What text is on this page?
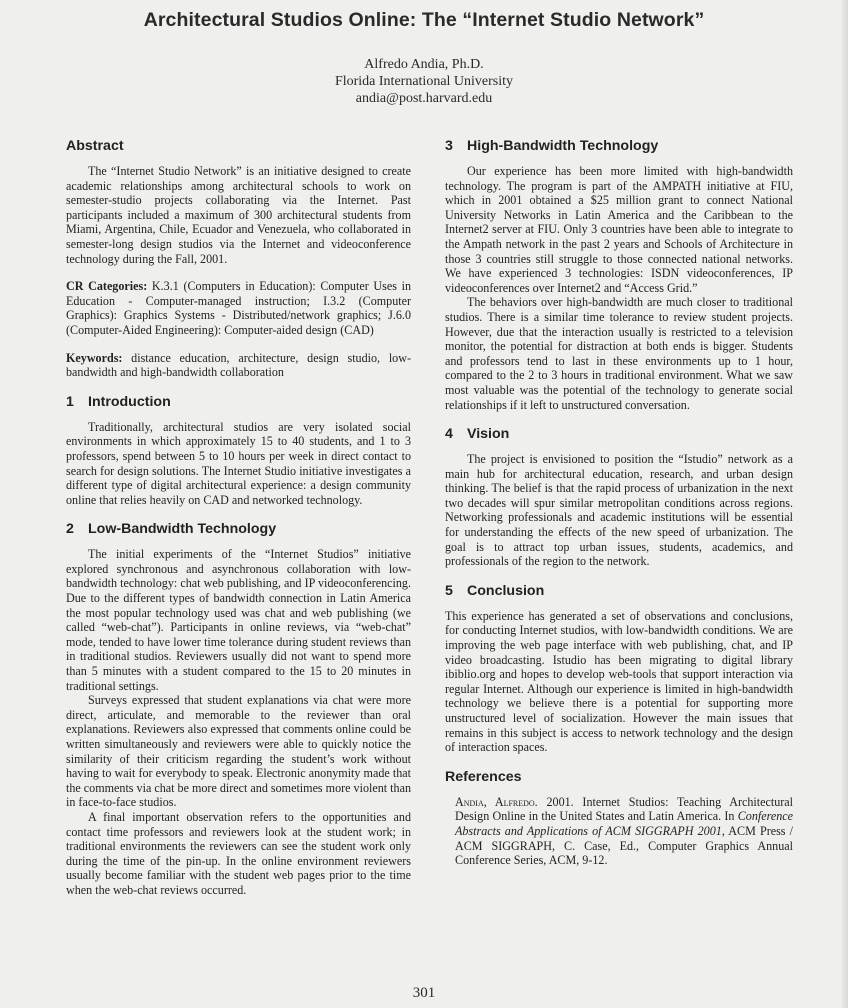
Architectural Studios Online: The “Internet Studio Network”
Alfredo Andia, Ph.D.
Florida International University
andia@post.harvard.edu
Abstract

The “Internet Studio Network” is an initiative designed to create academic relationships among architectural schools to work on semester-studio projects collaborating via the Internet. Past participants included a maximum of 300 architectural students from Miami, Argentina, Chile, Ecuador and Venezuela, who collaborated in semester-long design studios via the Internet and videoconference technology during the Fall, 2001.

CR Categories: K.3.1 (Computers in Education): Computer Uses in Education - Computer-managed instruction; I.3.2 (Computer Graphics): Graphics Systems - Distributed/network graphics; J.6.0 (Computer-Aided Engineering): Computer-aided design (CAD)

Keywords: distance education, architecture, design studio, low-bandwidth and high-bandwidth collaboration

1 Introduction

Traditionally, architectural studios are very isolated social environments in which approximately 15 to 40 students, and 1 to 3 professors, spend between 5 to 10 hours per week in direct contact to search for design solutions. The Internet Studio initiative investigates a different type of digital architectural experience: a design community online that relies heavily on CAD and networked technology.

2 Low-Bandwidth Technology

The initial experiments of the “Internet Studios” initiative explored synchronous and asynchronous collaboration with low-bandwidth technology: chat web publishing, and IP videoconferencing. Due to the different types of bandwidth connection in Latin America the most popular technology used was chat and web publishing (we called “web-chat”). Participants in online reviews, via “web-chat” mode, tended to have lower time tolerance during student reviews than in traditional studios. Reviewers usually did not want to spend more than 5 minutes with a student compared to the 15 to 20 minutes in traditional settings.

Surveys expressed that student explanations via chat were more direct, articulate, and memorable to the reviewer than oral explanations. Reviewers also expressed that comments online could be written simultaneously and reviewers were able to quickly notice the similarity of their criticism regarding the student’s work without having to wait for everybody to speak. Electronic anonymity made that the comments via chat be more direct and sometimes more violent than in face-to-face studios.

A final important observation refers to the opportunities and contact time professors and reviewers look at the student work; in traditional environments the reviewers can see the student work only during the time of the pin-up. In the online environment reviewers usually become familiar with the student web pages prior to the time when the web-chat reviews occurred.

3 High-Bandwidth Technology

Our experience has been more limited with high-bandwidth technology. The program is part of the AMPATH initiative at FIU, which in 2001 obtained a $25 million grant to connect National University Networks in Latin America and the Caribbean to the Internet2 server at FIU. Only 3 countries have been able to integrate to the Ampath network in the past 2 years and Schools of Architecture in those 3 countries still struggle to those connected national networks. We have experienced 3 technologies: ISDN videoconferences, IP videoconferences over Internet2 and “Access Grid.”

The behaviors over high-bandwidth are much closer to traditional studios. There is a similar time tolerance to review student projects. However, due that the interaction usually is restricted to a television monitor, the potential for distraction at both ends is bigger. Students and professors tend to last in these environments up to 1 hour, compared to the 2 to 3 hours in traditional environment. What we saw most valuable was the potential of the technology to generate social relationships if it left to unstructured conversation.

4 Vision

The project is envisioned to position the “Istudio” network as a main hub for architectural education, research, and urban design thinking. The belief is that the rapid process of urbanization in the next two decades will spur similar metropolitan conditions across regions. Networking professionals and academic institutions will be essential for understanding the effects of the new speed of urbanization. The goal is to attract top urban issues, students, academics, and professionals of the region to the network.

5 Conclusion

This experience has generated a set of observations and conclusions, for conducting Internet studios, with low-bandwidth conditions. We are improving the web page interface with web publishing, chat, and IP video broadcasting. Istudio has been migrating to digital library ibiblio.org and hopes to develop web-tools that support interaction via regular Internet. Although our experience is limited in high-bandwidth technology we believe there is a potential for supporting more unstructured level of socialization. However the main issues that remains in this subject is access to network technology and the design of interaction spaces.

References

Andia, Alfredo. 2001. Internet Studios: Teaching Architectural Design Online in the United States and Latin America. In Conference Abstracts and Applications of ACM SIGGRAPH 2001, ACM Press / ACM SIGGRAPH, C. Case, Ed., Computer Graphics Annual Conference Series, ACM, 9-12.

301
